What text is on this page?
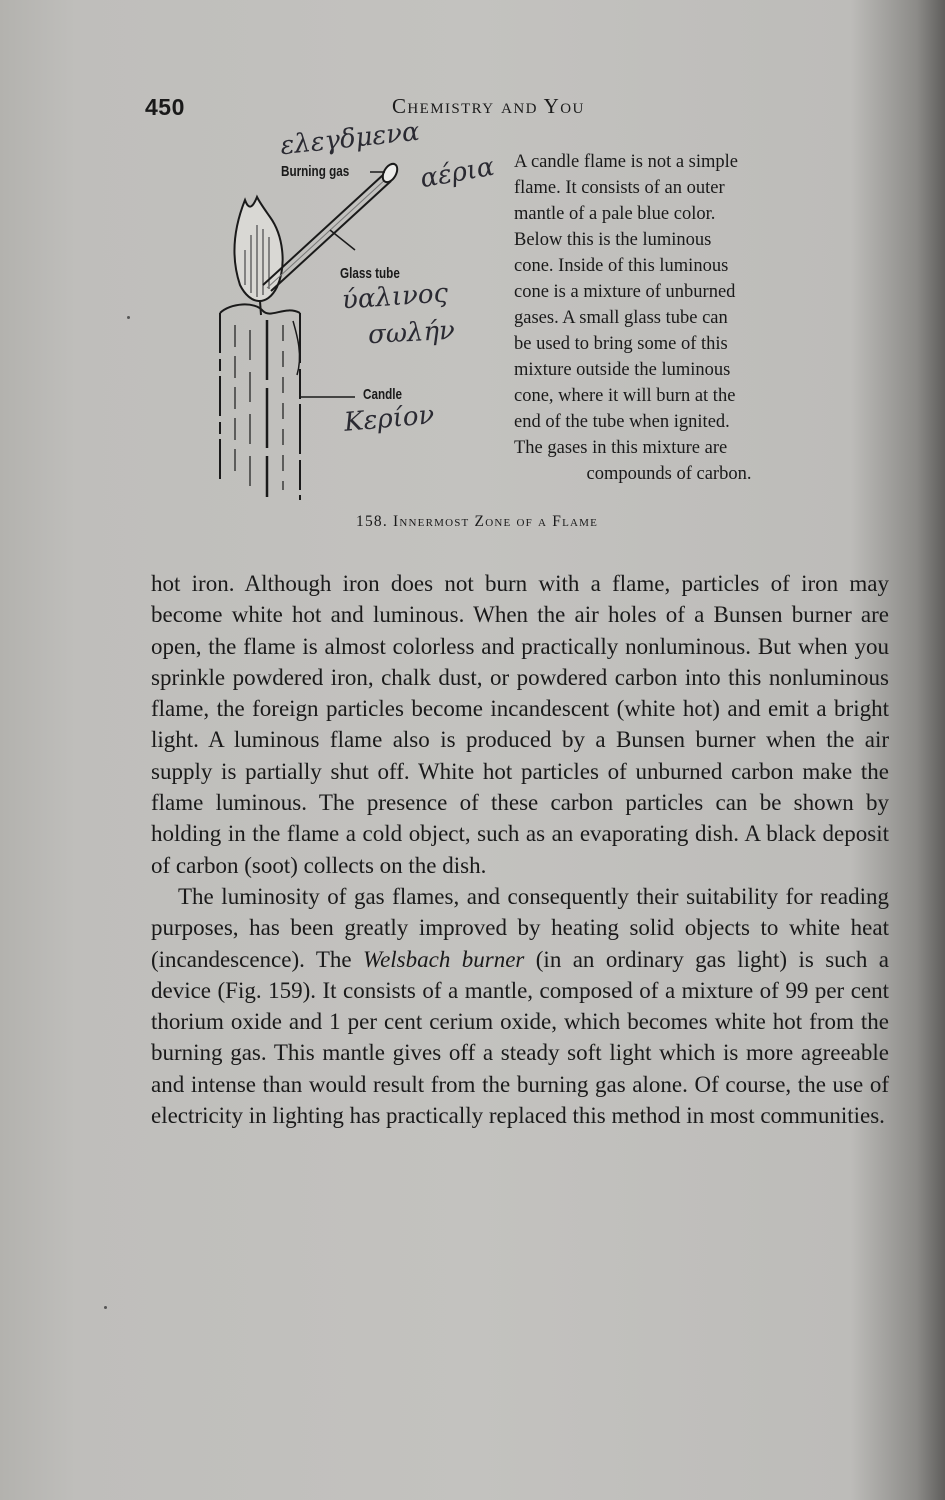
450	Chemistry and You
Burning gas
Glass tube
Candle
ελεγδμενα
αέρια
ύαλινος
σωλήν
Κερίον
A candle flame is not a simple
flame. It consists of an outer
mantle of a pale blue color.
Below this is the luminous
cone. Inside of this luminous
cone is a mixture of unburned
gases. A small glass tube can
be used to bring some of this
mixture outside the luminous
cone, where it will burn at the
end of the tube when ignited.
The gases in this mixture are
compounds of carbon.
158. Innermost Zone of a Flame

hot iron. Although iron does not burn with a flame, particles of iron may become white hot and luminous. When the air holes of a Bunsen burner are open, the flame is almost colorless and practically nonluminous. But when you sprinkle powdered iron, chalk dust, or powdered carbon into this nonluminous flame, the foreign particles become incandescent (white hot) and emit a bright light. A luminous flame also is produced by a Bunsen burner when the air supply is partially shut off. White hot particles of unburned carbon make the flame luminous. The presence of these carbon particles can be shown by holding in the flame a cold object, such as an evaporating dish. A black deposit of carbon (soot) collects on the dish.

The luminosity of gas flames, and consequently their suitability for reading purposes, has been greatly improved by heating solid objects to white heat (incandescence). The Welsbach burner (in an ordinary gas light) is such a device (Fig. 159). It consists of a mantle, composed of a mixture of 99 per cent thorium oxide and 1 per cent cerium oxide, which becomes white hot from the burning gas. This mantle gives off a steady soft light which is more agreeable and intense than would result from the burning gas alone. Of course, the use of electricity in lighting has practically replaced this method in most communities.
